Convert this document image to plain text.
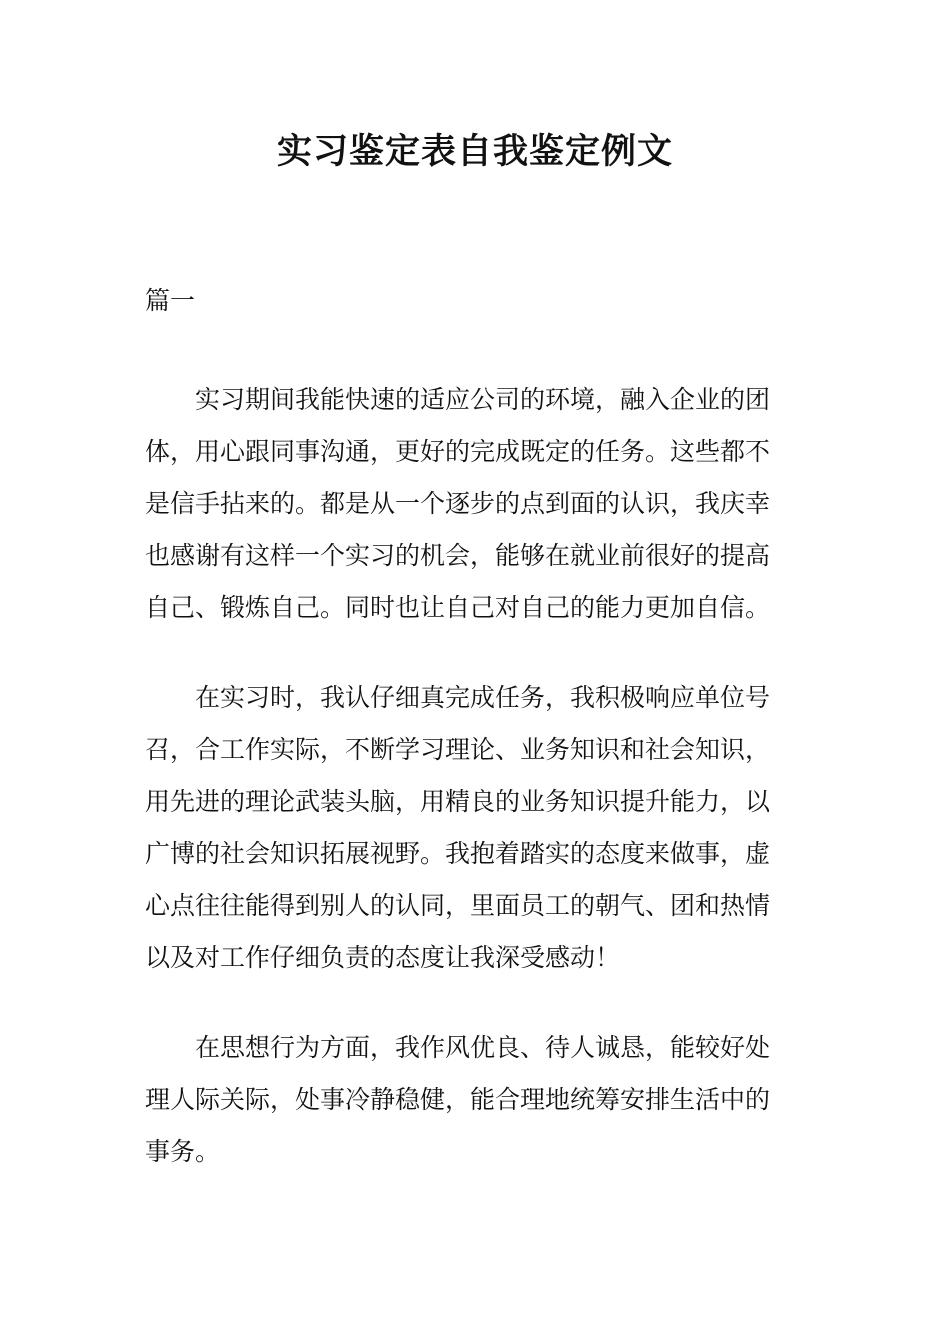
实习鉴定表自我鉴定例文

篇一

实习期间我能快速的适应公司的环境，融入企业的团
体，用心跟同事沟通，更好的完成既定的任务。这些都不
是信手拈来的。都是从一个逐步的点到面的认识，我庆幸
也感谢有这样一个实习的机会，能够在就业前很好的提高
自己、锻炼自己。同时也让自己对自己的能力更加自信。
在实习时，我认仔细真完成任务，我积极响应单位号
召，合工作实际，不断学习理论、业务知识和社会知识，
用先进的理论武装头脑，用精良的业务知识提升能力，以
广博的社会知识拓展视野。我抱着踏实的态度来做事，虚
心点往往能得到别人的认同，里面员工的朝气、团和热情
以及对工作仔细负责的态度让我深受感动！
在思想行为方面，我作风优良、待人诚恳，能较好处
理人际关际，处事冷静稳健，能合理地统筹安排生活中的
事务。
